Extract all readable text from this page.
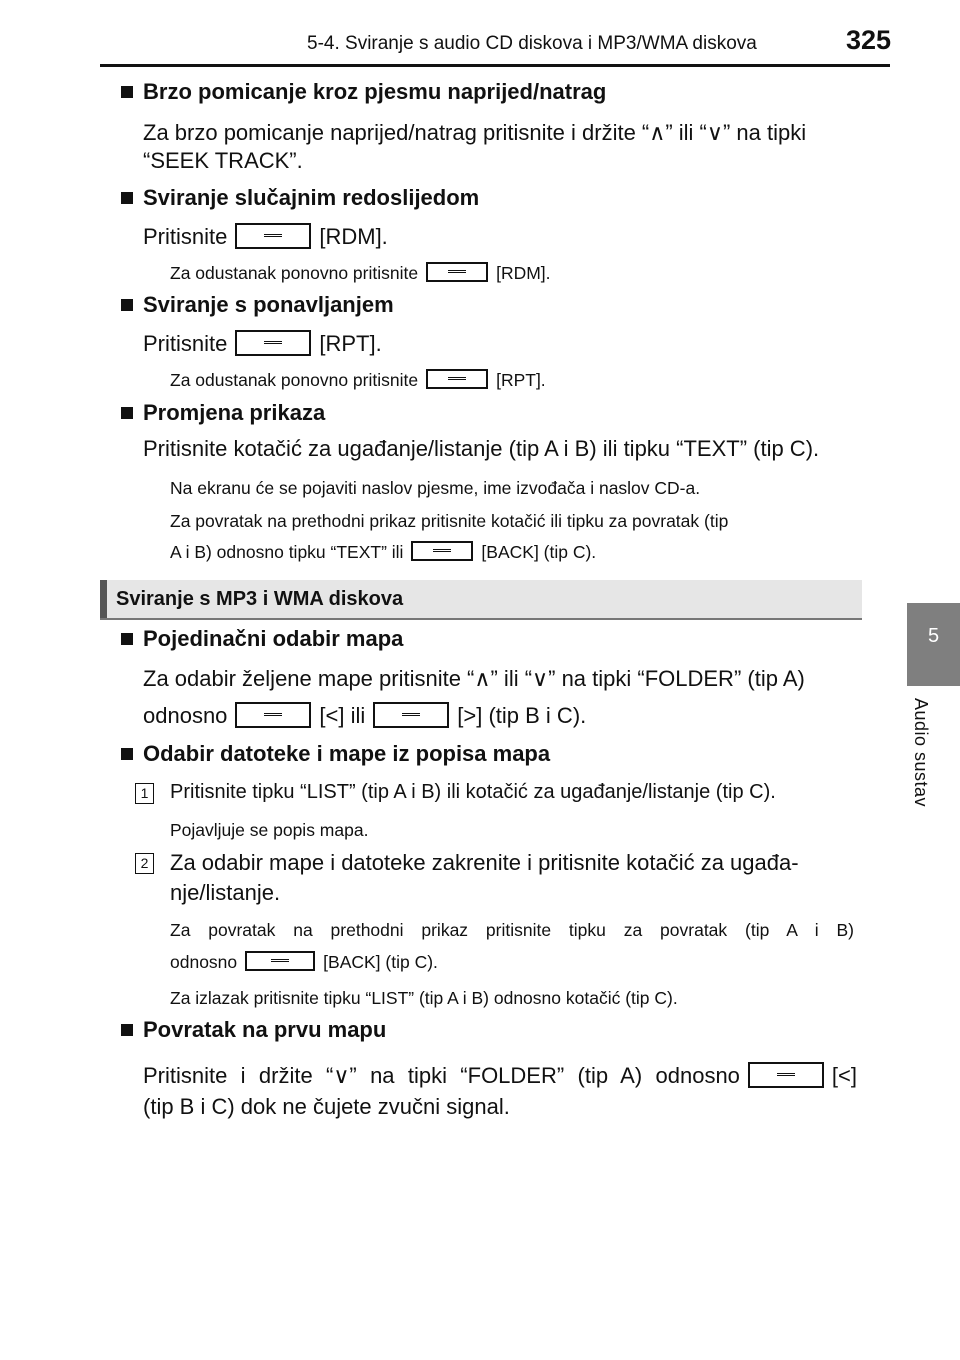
5-4. Sviranje s audio CD diskova i MP3/WMA diskova	325
5
Audio sustav
Brzo pomicanje kroz pjesmu naprijed/natrag
Za brzo pomicanje naprijed/natrag pritisnite i držite “∧” ili “∨” na tipki
“SEEK TRACK”.
Sviranje slučajnim redoslijedom
Pritisnite	[RDM].
Za odustanak ponovno pritisnite	[RDM].
Sviranje s ponavljanjem
Pritisnite	[RPT].
Za odustanak ponovno pritisnite	[RPT].
Promjena prikaza
Pritisnite kotačić za ugađanje/listanje (tip A i B) ili tipku “TEXT” (tip C).
Na ekranu će se pojaviti naslov pjesme, ime izvođača i naslov CD-a.
Za povratak na prethodni prikaz pritisnite kotačić ili tipku za povratak (tip
A i B) odnosno tipku “TEXT” ili	[BACK] (tip C).
Sviranje s MP3 i WMA diskova
Pojedinačni odabir mapa
Za odabir željene mape pritisnite “∧” ili “∨” na tipki “FOLDER” (tip A)
odnosno	[<] ili	[>] (tip B i C).
Odabir datoteke i mape iz popisa mapa
1 Pritisnite tipku “LIST” (tip A i B) ili kotačić za ugađanje/listanje (tip C).
Pojavljuje se popis mapa.
2 Za odabir mape i datoteke zakrenite i pritisnite kotačić za ugađa-
nje/listanje.
Za povratak na prethodni prikaz pritisnite tipku za povratak (tip A i B)
odnosno	[BACK] (tip C).
Za izlazak pritisnite tipku “LIST” (tip A i B) odnosno kotačić (tip C).
Povratak na prvu mapu
Pritisnite i držite “∨” na tipki “FOLDER” (tip A) odnosno	[<]
(tip B i C) dok ne čujete zvučni signal.
